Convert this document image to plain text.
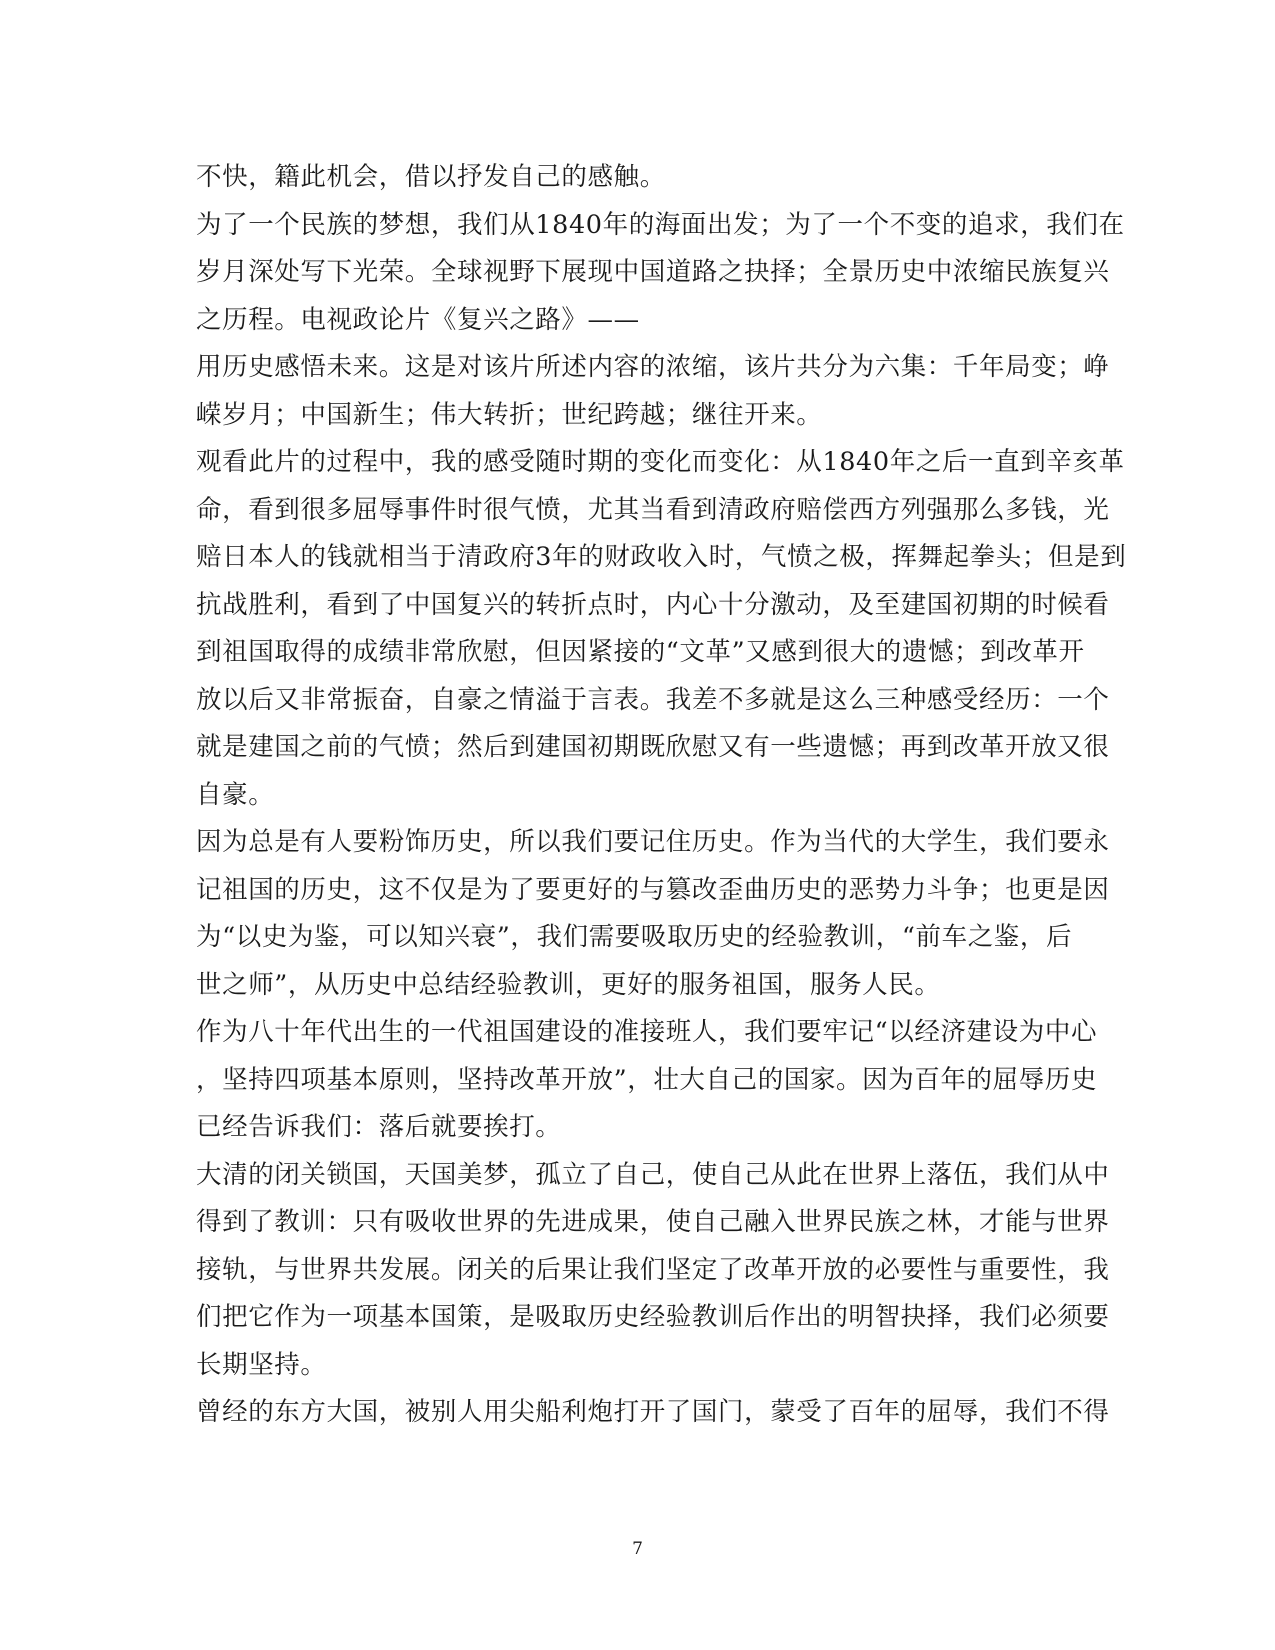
不快，籍此机会，借以抒发自己的感触。
为了一个民族的梦想，我们从1840年的海面出发；为了一个不变的追求，我们在
岁月深处写下光荣。全球视野下展现中国道路之抉择；全景历史中浓缩民族复兴
之历程。电视政论片《复兴之路》——
用历史感悟未来。这是对该片所述内容的浓缩，该片共分为六集：千年局变；峥
嵘岁月；中国新生；伟大转折；世纪跨越；继往开来。
观看此片的过程中，我的感受随时期的变化而变化：从1840年之后一直到辛亥革
命，看到很多屈辱事件时很气愤，尤其当看到清政府赔偿西方列强那么多钱，光
赔日本人的钱就相当于清政府3年的财政收入时，气愤之极，挥舞起拳头；但是到
抗战胜利，看到了中国复兴的转折点时，内心十分激动，及至建国初期的时候看
到祖国取得的成绩非常欣慰，但因紧接的“文革”又感到很大的遗憾；到改革开
放以后又非常振奋，自豪之情溢于言表。我差不多就是这么三种感受经历：一个
就是建国之前的气愤；然后到建国初期既欣慰又有一些遗憾；再到改革开放又很
自豪。
因为总是有人要粉饰历史，所以我们要记住历史。作为当代的大学生，我们要永
记祖国的历史，这不仅是为了要更好的与篡改歪曲历史的恶势力斗争；也更是因
为“以史为鉴，可以知兴衰”，我们需要吸取历史的经验教训，“前车之鉴，后
世之师”，从历史中总结经验教训，更好的服务祖国，服务人民。
作为八十年代出生的一代祖国建设的准接班人，我们要牢记“以经济建设为中心
，坚持四项基本原则，坚持改革开放”，壮大自己的国家。因为百年的屈辱历史
已经告诉我们：落后就要挨打。
大清的闭关锁国，天国美梦，孤立了自己，使自己从此在世界上落伍，我们从中
得到了教训：只有吸收世界的先进成果，使自己融入世界民族之林，才能与世界
接轨，与世界共发展。闭关的后果让我们坚定了改革开放的必要性与重要性，我
们把它作为一项基本国策，是吸取历史经验教训后作出的明智抉择，我们必须要
长期坚持。
曾经的东方大国，被别人用尖船利炮打开了国门，蒙受了百年的屈辱，我们不得
7
